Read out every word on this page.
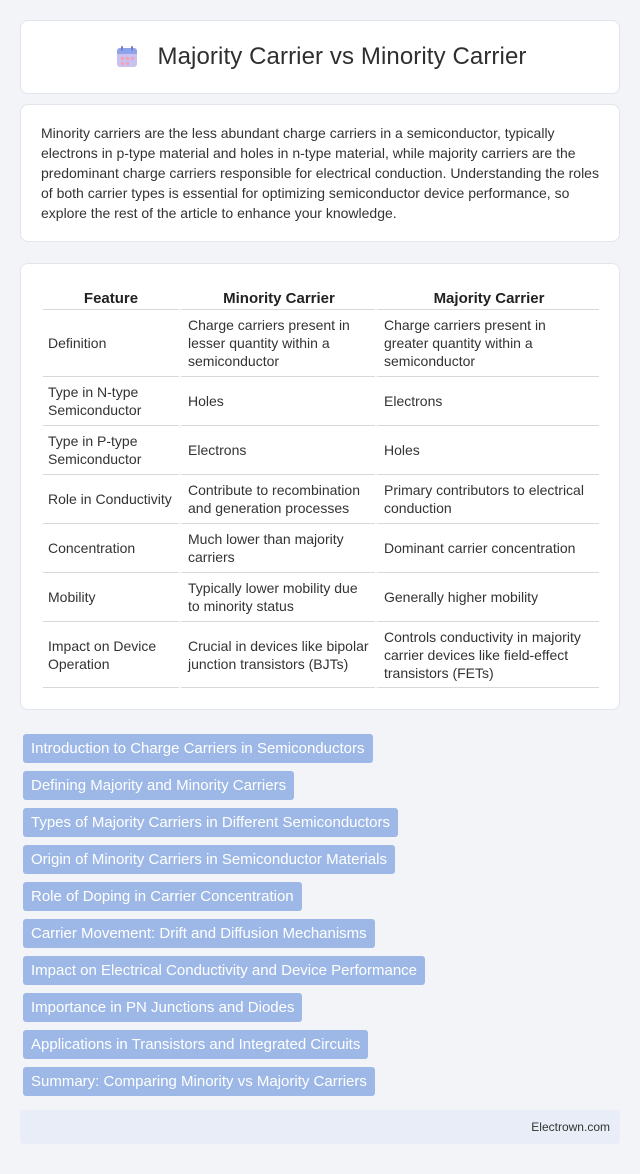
Majority Carrier vs Minority Carrier

Minority carriers are the less abundant charge carriers in a semiconductor, typically electrons in p-type material and holes in n-type material, while majority carriers are the predominant charge carriers responsible for electrical conduction. Understanding the roles of both carrier types is essential for optimizing semiconductor device performance, so explore the rest of the article to enhance your knowledge.

Feature	Minority Carrier	Majority Carrier
Definition	Charge carriers present in lesser quantity within a semiconductor	Charge carriers present in greater quantity within a semiconductor
Type in N-type Semiconductor	Holes	Electrons
Type in P-type Semiconductor	Electrons	Holes
Role in Conductivity	Contribute to recombination and generation processes	Primary contributors to electrical conduction
Concentration	Much lower than majority carriers	Dominant carrier concentration
Mobility	Typically lower mobility due to minority status	Generally higher mobility
Impact on Device Operation	Crucial in devices like bipolar junction transistors (BJTs)	Controls conductivity in majority carrier devices like field-effect transistors (FETs)
Introduction to Charge Carriers in Semiconductors
Defining Majority and Minority Carriers
Types of Majority Carriers in Different Semiconductors
Origin of Minority Carriers in Semiconductor Materials
Role of Doping in Carrier Concentration
Carrier Movement: Drift and Diffusion Mechanisms
Impact on Electrical Conductivity and Device Performance
Importance in PN Junctions and Diodes
Applications in Transistors and Integrated Circuits
Summary: Comparing Minority vs Majority Carriers
Electrown.com
